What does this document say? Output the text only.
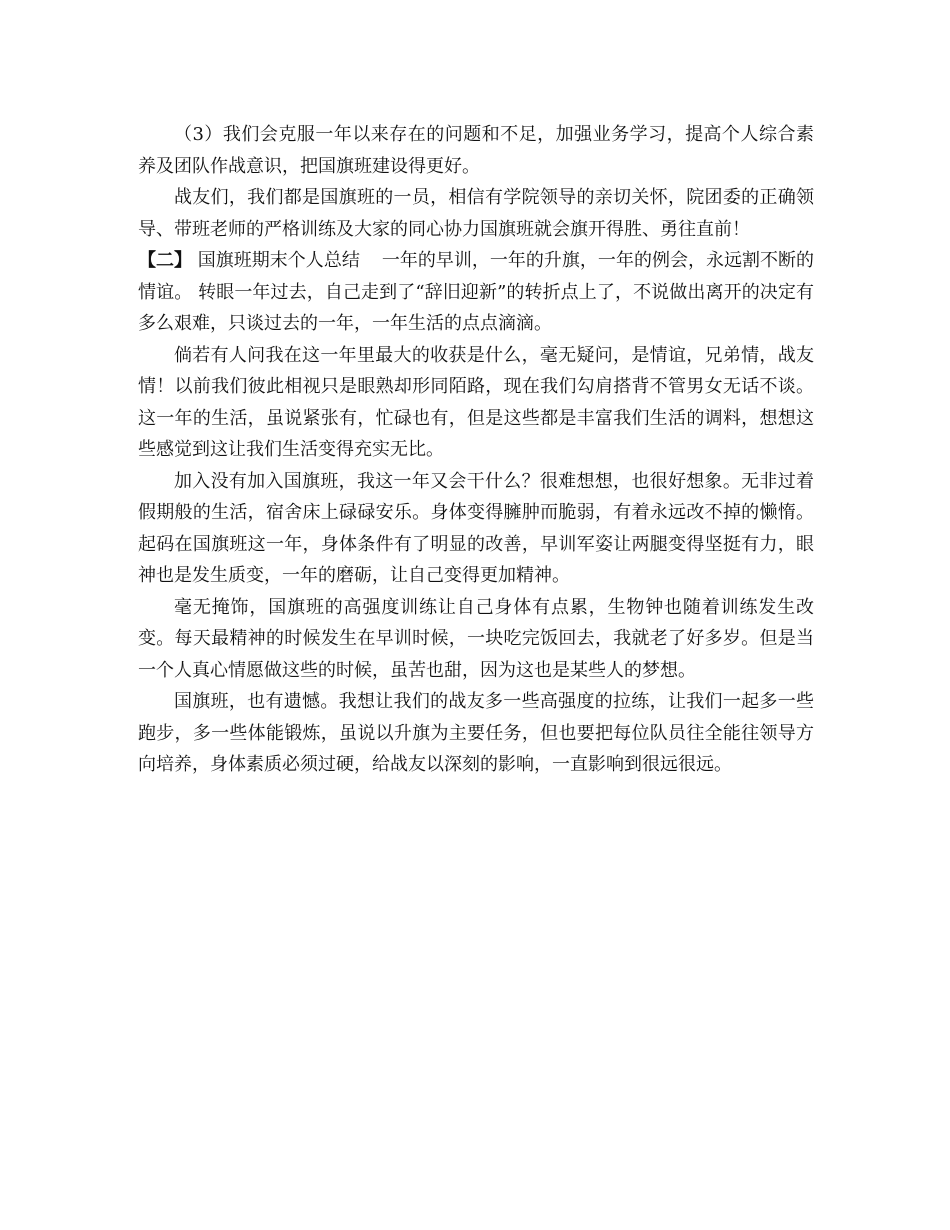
（3）我们会克服一年以来存在的问题和不足，加强业务学习，提高个人综合素养及团队作战意识，把国旗班建设得更好。

战友们，我们都是国旗班的一员，相信有学院领导的亲切关怀，院团委的正确领导、带班老师的严格训练及大家的同心协力国旗班就会旗开得胜、勇往直前！

【二】 国旗班期末个人总结 一年的早训，一年的升旗，一年的例会，永远割不断的情谊。 转眼一年过去，自己走到了“辞旧迎新”的转折点上了，不说做出离开的决定有多么艰难，只谈过去的一年，一年生活的点点滴滴。

倘若有人问我在这一年里最大的收获是什么，毫无疑问，是情谊，兄弟情，战友情！以前我们彼此相视只是眼熟却形同陌路，现在我们勾肩搭背不管男女无话不谈。这一年的生活，虽说紧张有，忙碌也有，但是这些都是丰富我们生活的调料，想想这些感觉到这让我们生活变得充实无比。

加入没有加入国旗班，我这一年又会干什么？很难想想，也很好想象。无非过着假期般的生活，宿舍床上碌碌安乐。身体变得臃肿而脆弱，有着永远改不掉的懒惰。起码在国旗班这一年，身体条件有了明显的改善，早训军姿让两腿变得坚挺有力，眼神也是发生质变，一年的磨砺，让自己变得更加精神。

毫无掩饰，国旗班的高强度训练让自己身体有点累，生物钟也随着训练发生改变。每天最精神的时候发生在早训时候，一块吃完饭回去，我就老了好多岁。但是当一个人真心情愿做这些的时候，虽苦也甜，因为这也是某些人的梦想。

国旗班，也有遗憾。我想让我们的战友多一些高强度的拉练，让我们一起多一些跑步，多一些体能锻炼，虽说以升旗为主要任务，但也要把每位队员往全能往领导方向培养，身体素质必须过硬，给战友以深刻的影响，一直影响到很远很远。
